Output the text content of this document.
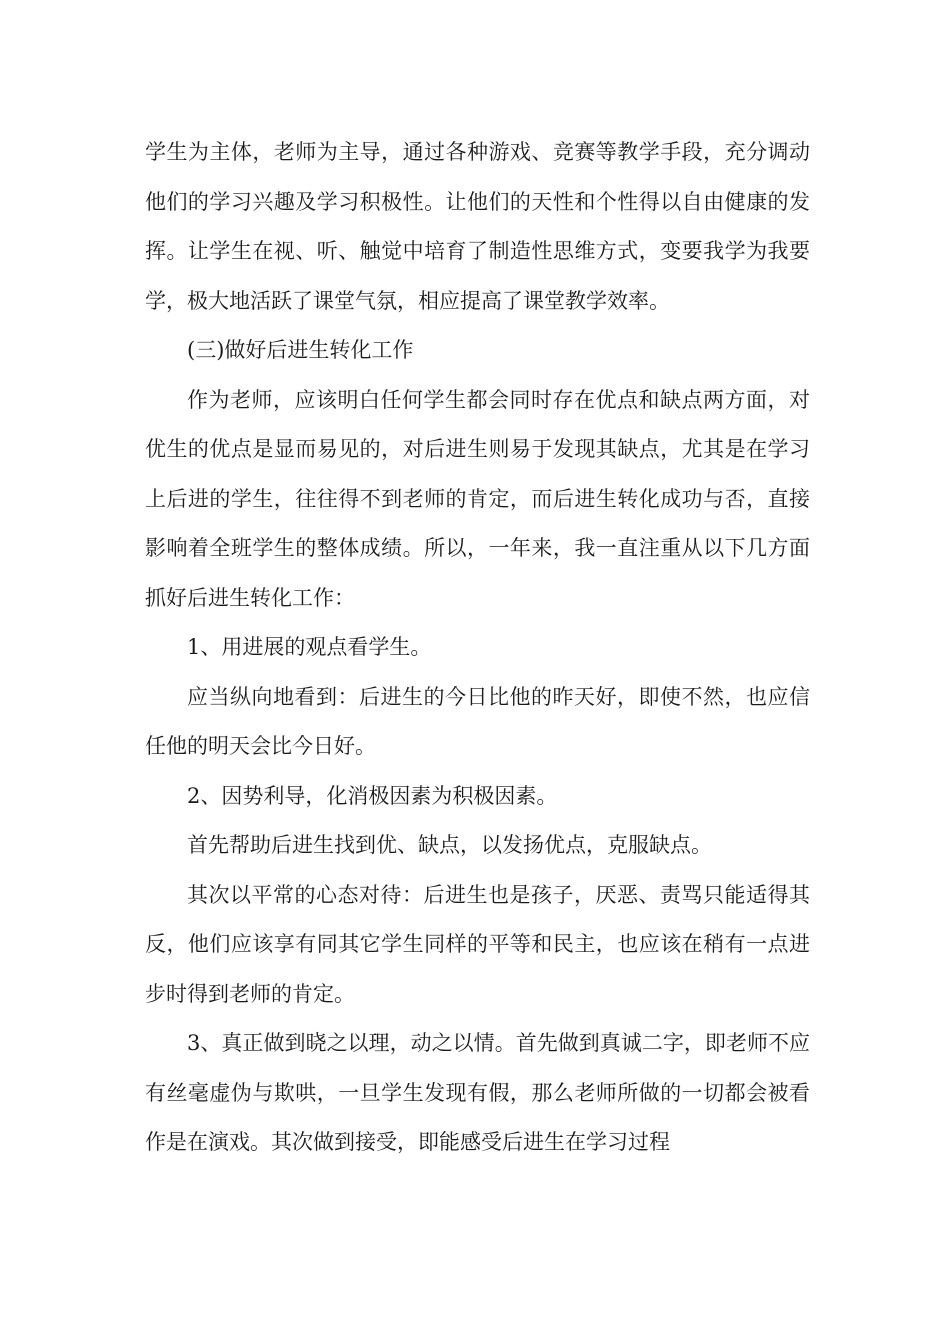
学生为主体，老师为主导，通过各种游戏、竞赛等教学手段，充分调动他们的学习兴趣及学习积极性。让他们的天性和个性得以自由健康的发挥。让学生在视、听、触觉中培育了制造性思维方式，变要我学为我要学，极大地活跃了课堂气氛，相应提高了课堂教学效率。

(三)做好后进生转化工作

作为老师，应该明白任何学生都会同时存在优点和缺点两方面，对优生的优点是显而易见的，对后进生则易于发现其缺点，尤其是在学习上后进的学生，往往得不到老师的肯定，而后进生转化成功与否，直接影响着全班学生的整体成绩。所以，一年来，我一直注重从以下几方面抓好后进生转化工作：

1、用进展的观点看学生。

应当纵向地看到：后进生的今日比他的昨天好，即使不然，也应信任他的明天会比今日好。

2、因势利导，化消极因素为积极因素。

首先帮助后进生找到优、缺点，以发扬优点，克服缺点。

其次以平常的心态对待：后进生也是孩子，厌恶、责骂只能适得其反，他们应该享有同其它学生同样的平等和民主，也应该在稍有一点进步时得到老师的肯定。

3、真正做到晓之以理，动之以情。首先做到真诚二字，即老师不应有丝毫虚伪与欺哄，一旦学生发现有假，那么老师所做的一切都会被看作是在演戏。其次做到接受，即能感受后进生在学习过程
